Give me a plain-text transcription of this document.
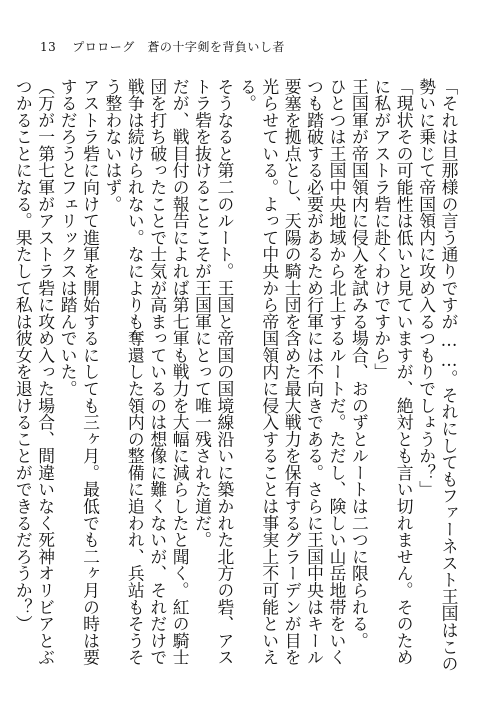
13 プロローグ　 蒼の十字剣を背負いし者

「それは旦那様の言う通りですが……。それにしてもファーネスト王国はこの勢いに乗じて帝国領内に攻め入るつもりでしょうか？」

「現状その可能性は低いと見ていますが、絶対とも言い切れません。そのために私がアストラ砦に赴くわけですから」

王国軍が帝国領内に侵入を試みる場合、おのずとルートは二つに限られる。

ひとつは王国中央地域から北上するルートだ。ただし、険しい山岳地帯をいくつも踏破する必要があるため行軍には不向きである。さらに王国中央はキール要塞を拠点とし、天陽の騎士団を含めた最大戦力を保有するグラーデンが目を光らせている。よって中央から帝国領内に侵入することは事実上不可能といえる。

そうなると第二のルート。王国と帝国の国境線沿いに築かれた北方の砦、アストラ砦を抜けることこそが王国軍にとって唯一残された道だ。

だが、戦目付の報告によれば第七軍も戦力を大幅に減らしたと聞く。紅の騎士団を打ち破ったことで士気が高まっているのは想像に難くないが、それだけで戦争は続けられない。なによりも奪還した領内の整備に追われ、兵站もそうそう整わないはず。

アストラ砦に向けて進軍を開始するにしても三ヶ月。最低でも二ヶ月の時は要するだろうとフェリックスは踏んでいた。

（万が一第七軍がアストラ砦に攻め入った場合、間違いなく死神オリビアとぶつかることになる。果たして私は彼女を退けることができるだろうか？）
